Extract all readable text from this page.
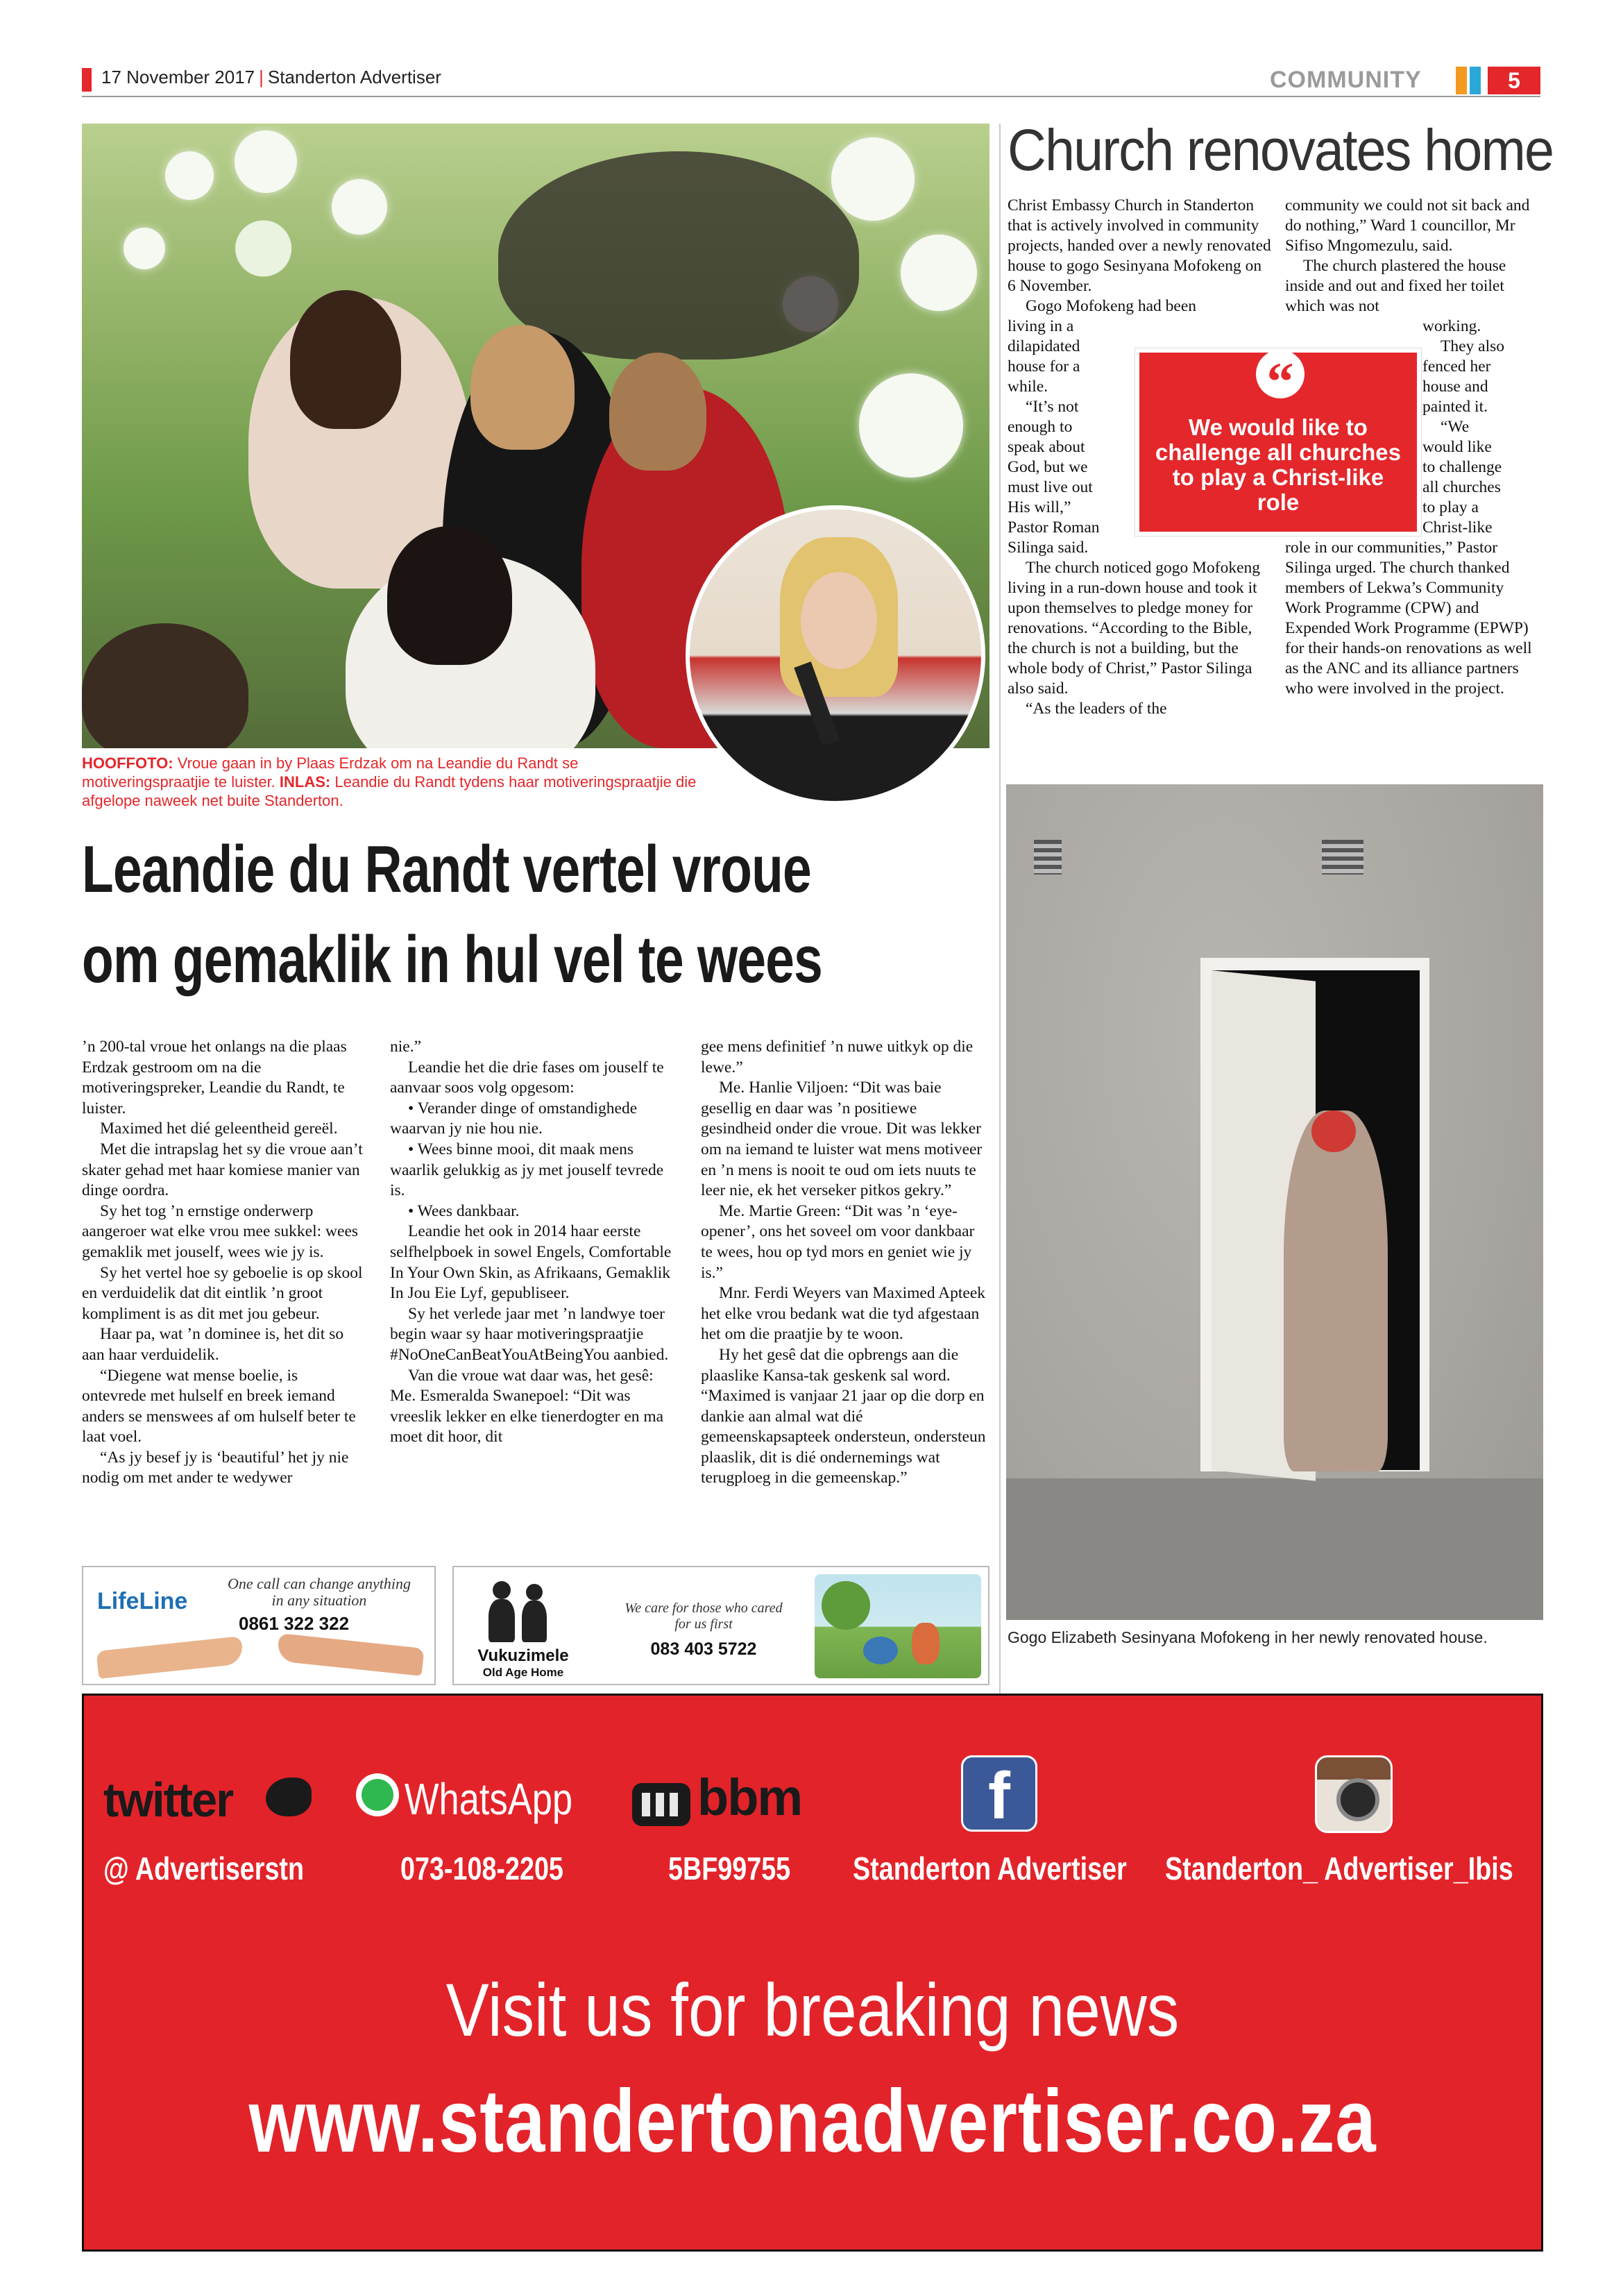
17 November 2017 | Standerton Advertiser	COMMUNITY	5
HOOFFOTO: Vroue gaan in by Plaas Erdzak om na Leandie du Randt se motiveringspraatjie te luister. INLAS: Leandie du Randt tydens haar motiveringspraatjie die afgelope naweek net buite Standerton.
Leandie du Randt vertel vroue
om gemaklik in hul vel te wees

’n 200-tal vroue het onlangs na die plaas Erdzak gestroom om na die motiveringspreker, Leandie du Randt, te luister.

Maximed het dié geleentheid gereël.

Met die intrapslag het sy die vroue aan’t skater gehad met haar komiese manier van dinge oordra.

Sy het tog ’n ernstige onderwerp aangeroer wat elke vrou mee sukkel: wees gemaklik met jouself, wees wie jy is.

Sy het vertel hoe sy geboelie is op skool en verduidelik dat dit eintlik ’n groot kompliment is as dit met jou gebeur.

Haar pa, wat ’n dominee is, het dit so aan haar verduidelik.

“Diegene wat mense boelie, is ontevrede met hulself en breek iemand anders se menswees af om hulself beter te laat voel.

“As jy besef jy is ‘beautiful’ het jy nie nodig om met ander te wedywer

nie.”

Leandie het die drie fases om jouself te aanvaar soos volg opgesom:

• Verander dinge of omstandighede waarvan jy nie hou nie.

• Wees binne mooi, dit maak mens waarlik gelukkig as jy met jouself tevrede is.

• Wees dankbaar.

Leandie het ook in 2014 haar eerste selfhelpboek in sowel Engels, Comfortable In Your Own Skin, as Afrikaans, Gemaklik In Jou Eie Lyf, gepubliseer.

Sy het verlede jaar met ’n landwye toer begin waar sy haar motiveringspraatjie #NoOneCanBeatYouAtBeingYou aanbied.

Van die vroue wat daar was, het gesê: Me. Esmeralda Swanepoel: “Dit was vreeslik lekker en elke tienerdogter en ma moet dit hoor, dit

gee mens definitief ’n nuwe uitkyk op die lewe.”

Me. Hanlie Viljoen: “Dit was baie gesellig en daar was ’n positiewe gesindheid onder die vroue. Dit was lekker om na iemand te luister wat mens motiveer en ’n mens is nooit te oud om iets nuuts te leer nie, ek het verseker pitkos gekry.”

Me. Martie Green: “Dit was ’n ‘eye-opener’, ons het soveel om voor dankbaar te wees, hou op tyd mors en geniet wie jy is.”

Mnr. Ferdi Weyers van Maximed Apteek het elke vrou bedank wat die tyd afgestaan het om die praatjie by te woon.

Hy het gesê dat die opbrengs aan die plaaslike Kansa-tak geskenk sal word. “Maximed is vanjaar 21 jaar op die dorp en dankie aan almal wat dié gemeenskapsapteek ondersteun, ondersteun plaaslik, dit is dié ondernemings wat terugploeg in die gemeenskap.”

Church renovates home

Christ Embassy Church in Standerton that is actively involved in community projects, handed over a newly renovated house to gogo Sesinyana Mofokeng on 6 November.

Gogo Mofokeng had been

living in a
dilapidated
house for a
while.
“It’s not
enough to
speak about
God, but we
must live out
His will,”
Pastor Roman
Silinga said.

The church noticed gogo Mofokeng living in a run-down house and took it upon themselves to pledge money for renovations. “According to the Bible, the church is not a building, but the whole body of Christ,” Pastor Silinga also said.

“As the leaders of the

community we could not sit back and do nothing,” Ward 1 councillor, Mr Sifiso Mngomezulu, said.

The church plastered the house inside and out and fixed her toilet which was not

working.
They also
fenced her
house and
painted it.
“We
would like
to challenge
all churches
to play a
Christ-like

role in our communities,” Pastor Silinga urged. The church thanked members of Lekwa’s Community Work Programme (CPW) and Expended Work Programme (EPWP) for their hands-on renovations as well as the ANC and its alliance partners who were involved in the project.

“
We would like to challenge all churches to play a Christ-like role
Gogo Elizabeth Sesinyana Mofokeng in her newly renovated house.
LifeLine
One call can change anything
in any situation
0861 322 322
Vukuzimele
Old Age Home
We care for those who cared
for us first
083 403 5722
twitter
@ Advertiserstn
WhatsApp
073-108-2205
bbm
5BF99755
f
Standerton Advertiser Standerton_ Advertiser_Ibis
Visit us for breaking news
www.standertonadvertiser.co.za
